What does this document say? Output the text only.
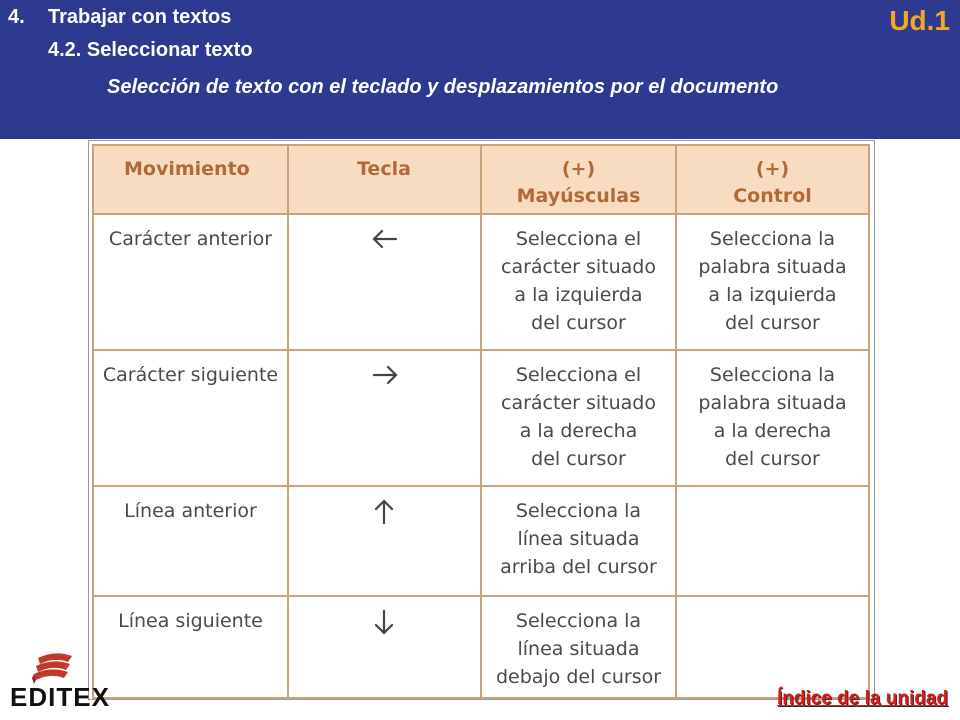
4. Trabajar con textos
4.2. Seleccionar texto
Selección de texto con el teclado y desplazamientos por el documento
Ud.1
Movimiento	Tecla	(+)
Mayúsculas	(+)
Control
Carácter anterior		Selecciona el
carácter situado
a la izquierda
del cursor	Selecciona la
palabra situada
a la izquierda
del cursor

Carácter siguiente		Selecciona el
carácter situado
a la derecha
del cursor	Selecciona la
palabra situada
a la derecha
del cursor

Línea anterior		Selecciona la
línea situada
arriba del cursor

Línea siguiente		Selecciona la
línea situada
debajo del cursor

EDITEX	Índice de la unidad
